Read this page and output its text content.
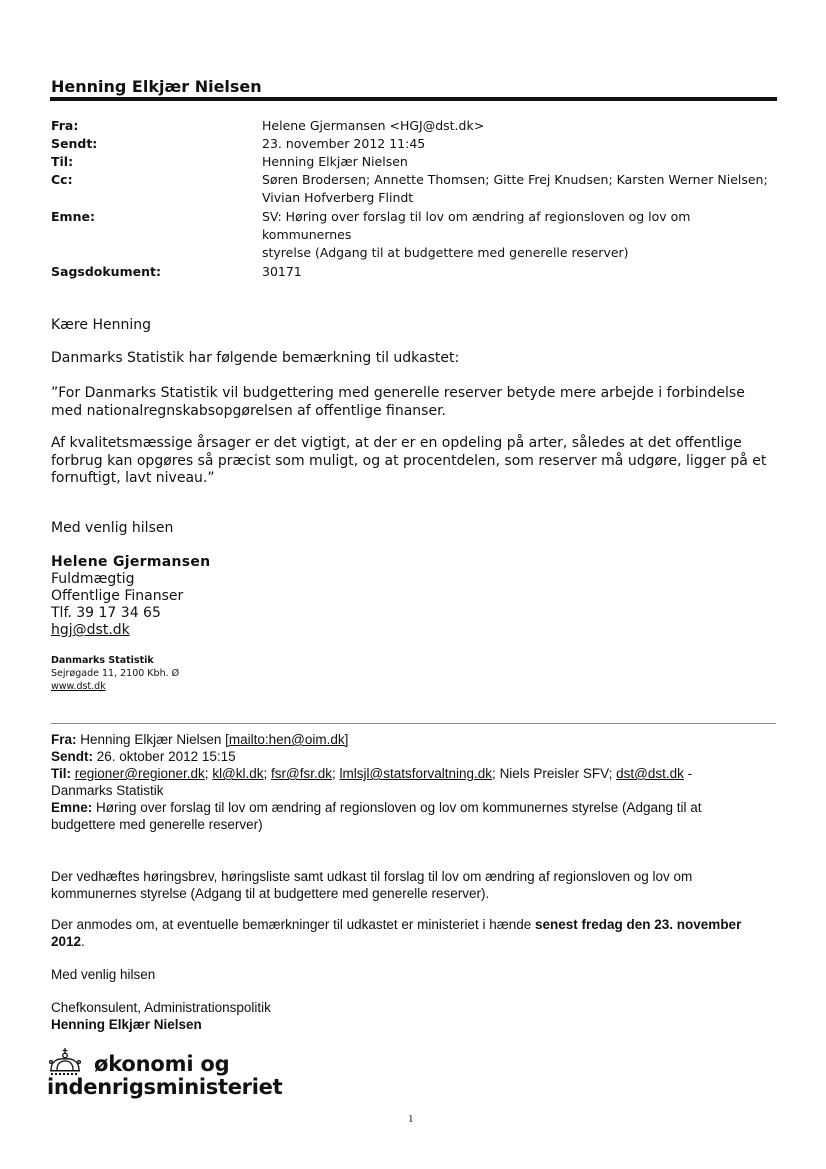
Henning Elkjær Nielsen
Fra:	Helene Gjermansen <HGJ@dst.dk>
Sendt:	23. november 2012 11:45
Til:	Henning Elkjær Nielsen
Cc:	Søren Brodersen; Annette Thomsen; Gitte Frej Knudsen; Karsten Werner Nielsen;
Vivian Hofverberg Flindt
Emne:	SV: Høring over forslag til lov om ændring af regionsloven og lov om kommunernes
styrelse (Adgang til at budgettere med generelle reserver)
Sagsdokument:	30171
Kære Henning
Danmarks Statistik har følgende bemærkning til udkastet:
”For Danmarks Statistik vil budgettering med generelle reserver betyde mere arbejde i forbindelse
med nationalregnskabsopgørelsen af offentlige finanser.
Af kvalitetsmæssige årsager er det vigtigt, at der er en opdeling på arter, således at det offentlige
forbrug kan opgøres så præcist som muligt, og at procentdelen, som reserver må udgøre, ligger på et
fornuftigt, lavt niveau.”
Med venlig hilsen
Helene Gjermansen
Fuldmægtig
Offentlige Finanser
Tlf. 39 17 34 65
hgj@dst.dk
Danmarks Statistik
Sejrøgade 11, 2100 Kbh. Ø
www.dst.dk
Fra: Henning Elkjær Nielsen [mailto:hen@oim.dk]
Sendt: 26. oktober 2012 15:15
Til: regioner@regioner.dk; kl@kl.dk; fsr@fsr.dk; lmlsjl@statsforvaltning.dk; Niels Preisler SFV; dst@dst.dk -
Danmarks Statistik
Emne: Høring over forslag til lov om ændring af regionsloven og lov om kommunernes styrelse (Adgang til at
budgettere med generelle reserver)
Der vedhæftes høringsbrev, høringsliste samt udkast til forslag til lov om ændring af regionsloven og lov om
kommunernes styrelse (Adgang til at budgettere med generelle reserver).
Der anmodes om, at eventuelle bemærkninger til udkastet er ministeriet i hænde senest fredag den 23. november
2012.
Med venlig hilsen
Chefkonsulent, Administrationspolitik
Henning Elkjær Nielsen
økonomi og
indenrigsministeriet
1
